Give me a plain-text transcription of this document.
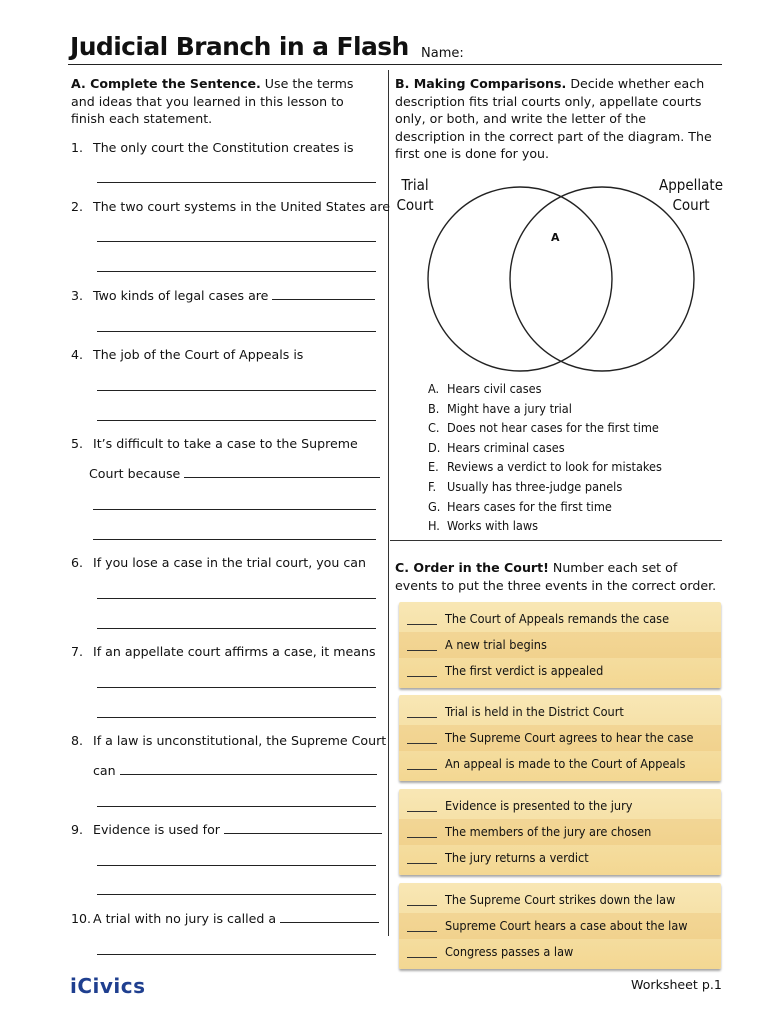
Judicial Branch in a Flash Name:
A. Complete the Sentence. Use the terms and ideas that you learned in this lesson to finish each statement.
1. The only court the Constitution creates is
2. The two court systems in the United States are
3. Two kinds of legal cases are
4. The job of the Court of Appeals is
5. It’s difficult to take a case to the Supreme
Court because
6. If you lose a case in the trial court, you can
7. If an appellate court affirms a case, it means
8. If a law is unconstitutional, the Supreme Court
can
9. Evidence is used for
10. A trial with no jury is called a
B. Making Comparisons. Decide whether each description fits trial courts only, appellate courts only, or both, and write the letter of the description in the correct part of the diagram. The first one is done for you.
Trial
Court
Appellate
Court
A
A. Hears civil cases
B. Might have a jury trial
C. Does not hear cases for the first time
D. Hears criminal cases
E. Reviews a verdict to look for mistakes
F. Usually has three-judge panels
G. Hears cases for the first time
H. Works with laws
C. Order in the Court! Number each set of events to put the three events in the correct order.
The Court of Appeals remands the case
A new trial begins
The first verdict is appealed
Trial is held in the District Court
The Supreme Court agrees to hear the case
An appeal is made to the Court of Appeals
Evidence is presented to the jury
The members of the jury are chosen
The jury returns a verdict
The Supreme Court strikes down the law
Supreme Court hears a case about the law
Congress passes a law
iCivics	Worksheet p.1
